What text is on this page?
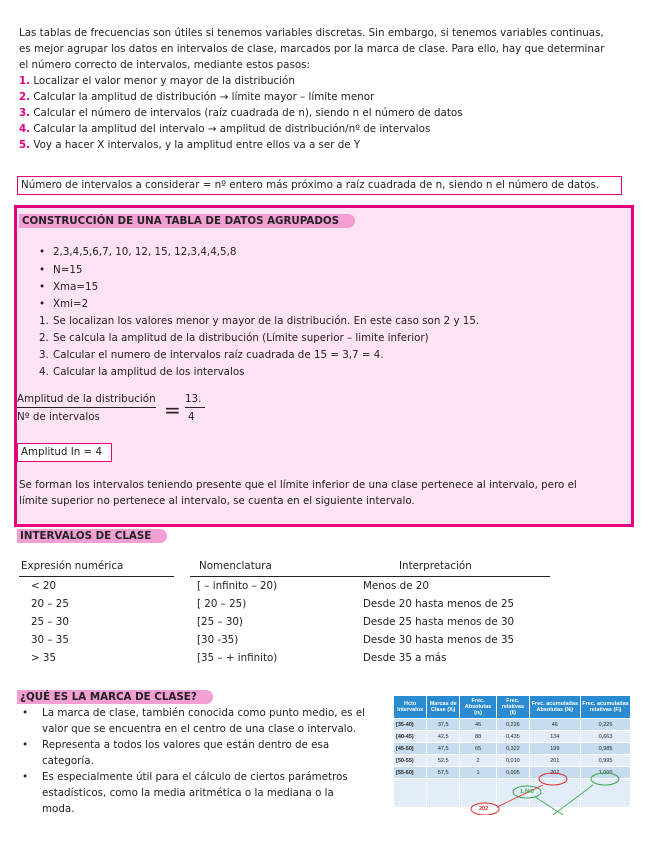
Las tablas de frecuencias son útiles si tenemos variables discretas. Sin embargo, si tenemos variables continuas,
es mejor agrupar los datos en intervalos de clase, marcados por la marca de clase. Para ello, hay que determinar
el número correcto de intervalos, mediante estos pasos:
1. Localizar el valor menor y mayor de la distribución
2. Calcular la amplitud de distribución → límite mayor – límite menor
3. Calcular el número de intervalos (raíz cuadrada de n), siendo n el número de datos
4. Calcular la amplitud del intervalo → amplitud de distribución/nº de intervalos
5. Voy a hacer X intervalos, y la amplitud entre ellos va a ser de Y
Número de intervalos a considerar = nº entero más próximo a raíz cuadrada de n, siendo n el número de datos.
CONSTRUCCIÓN DE UNA TABLA DE DATOS AGRUPADOS
• 2,3,4,5,6,7, 10, 12, 15, 12,3,4,4,5,8
• N=15
• Xma=15
• Xmi=2
1. Se localizan los valores menor y mayor de la distribución. En este caso son 2 y 15.
2. Se calcula la amplitud de la distribución (Límite superior – limite inferior)
3. Calcular el numero de intervalos raíz cuadrada de 15 = 3,7 = 4.
4. Calcular la amplitud de los intervalos
Amplitud de la distribución
Nº de intervalos	= 13.
4
Amplitud In = 4
Se forman los intervalos teniendo presente que el límite inferior de una clase pertenece al intervalo, pero el
límite superior no pertenece al intervalo, se cuenta en el siguiente intervalo.
INTERVALOS DE CLASE
Expresión numérica	Nomenclatura	Interpretación
< 20	[ – infinito – 20)	Menos de 20
20 – 25	[ 20 – 25)	Desde 20 hasta menos de 25
25 – 30	[25 – 30)	Desde 25 hasta menos de 30
30 – 35	[30 -35)	Desde 30 hasta menos de 35
> 35	[35 – + infinito)	Desde 35 a más
¿QUÉ ES LA MARCA DE CLASE?
• La marca de clase, también conocida como punto medio, es el
valor que se encuentra en el centro de una clase o intervalo.
• Representa a todos los valores que están dentro de esa
categoría.
• Es especialmente útil para el cálculo de ciertos parámetros
estadísticos, como la media aritmética o la mediana o la
moda.
Hcto Intervalos	Marcas de Clase (Xᵢ)	Frec. Absolutas (nᵢ)	Frec. relativas (fᵢ)	Frec. acumuladas Absolutas (Nᵢ)	Frec. acumuladas relativas (Fᵢ)
[35-40)	37,5	46	0,226	46	0,226
[40-45)	42,5	88	0,435	134	0,663
[45-50)	47,5	65	0,322	199	0,985
[50-55)	52,5	2	0,010	201	0,995
[55-60)	57,5	1	0,005	202	1,000

1,000
202
